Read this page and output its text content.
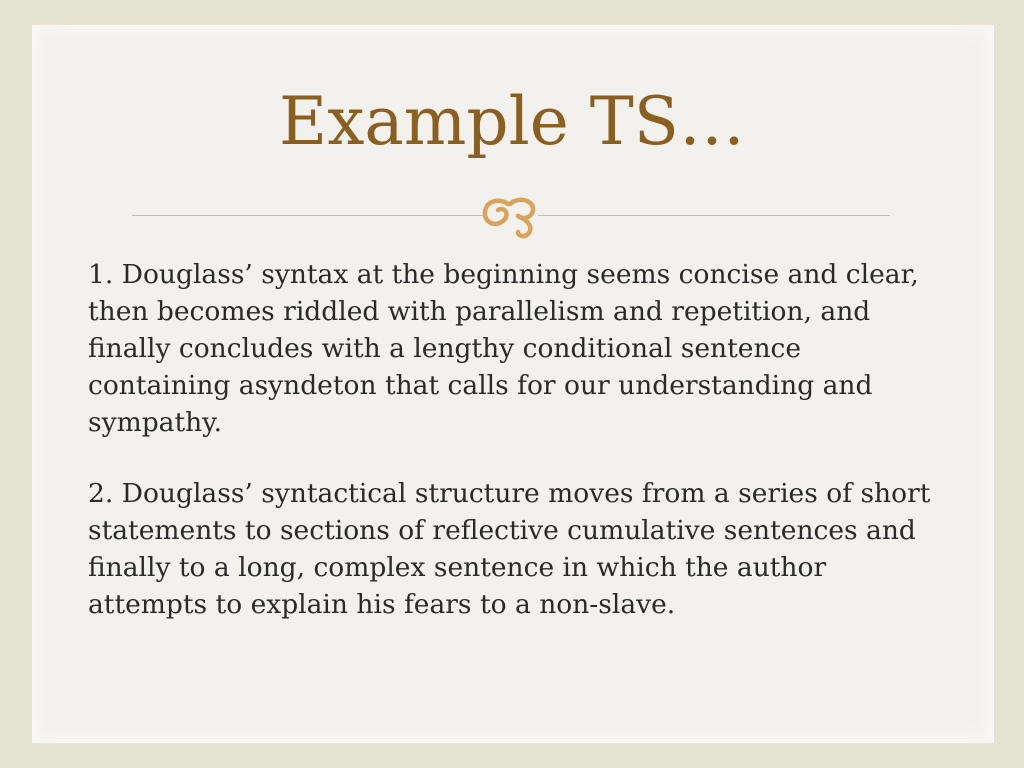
Example TS…

1. Douglass’ syntax at the beginning seems concise and clear, then becomes riddled with parallelism and repetition, and finally concludes with a lengthy conditional sentence containing asyndeton that calls for our understanding and sympathy.

2. Douglass’ syntactical structure moves from a series of short statements to sections of reflective cumulative sentences and finally to a long, complex sentence in which the author attempts to explain his fears to a non-slave.
